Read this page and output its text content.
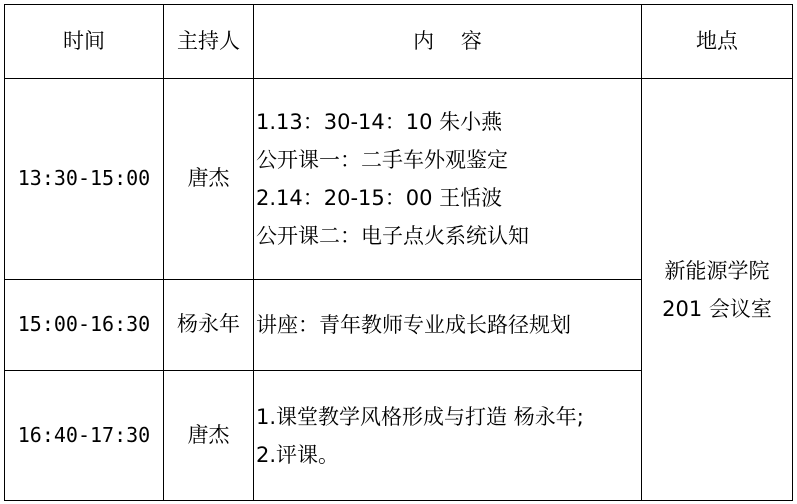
时间	主持人	内    容	地点
13:30-15:00	唐杰	1.13：30-14：10 朱小燕
公开课一：二手车外观鉴定
2.14：20-15：00 王恬波
公开课二：电子点火系统认知	新能源学院
201 会议室

15:00-16:30	杨永年	讲座：青年教师专业成长路径规划	

16:40-17:30	唐杰	1.课堂教学风格形成与打造 杨永年;
2.评课。	
